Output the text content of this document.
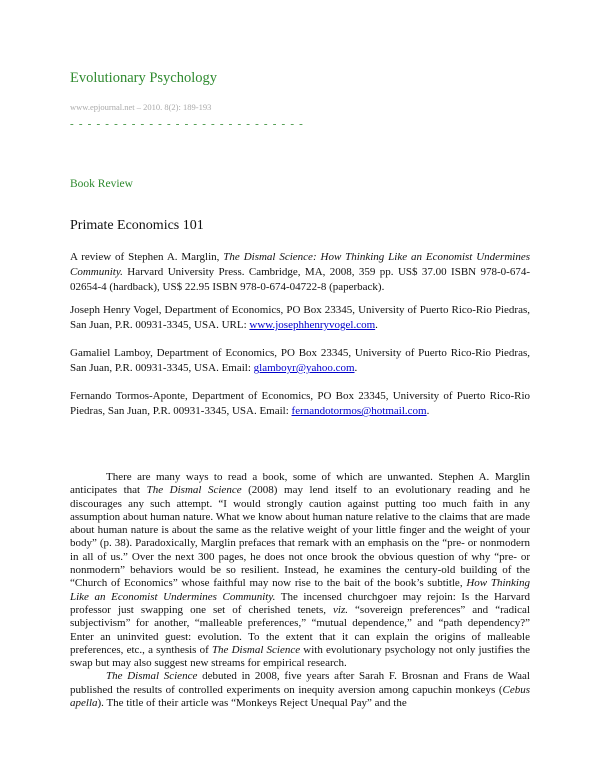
Evolutionary Psychology
www.epjournal.net – 2010. 8(2): 189-193
- - - - - - - - - - - - - - - - - - - - - - - - - - -
Book Review
Primate Economics 101
A review of Stephen A. Marglin, The Dismal Science: How Thinking Like an Economist Undermines Community. Harvard University Press. Cambridge, MA, 2008, 359 pp. US$ 37.00 ISBN 978-0-674-02654-4 (hardback), US$ 22.95 ISBN 978-0-674-04722-8 (paperback).
Joseph Henry Vogel, Department of Economics, PO Box 23345, University of Puerto Rico-Rio Piedras, San Juan, P.R. 00931-3345, USA. URL: www.josephhenryvogel.com.
Gamaliel Lamboy, Department of Economics, PO Box 23345, University of Puerto Rico-Rio Piedras, San Juan, P.R. 00931-3345, USA. Email: glamboyr@yahoo.com.
Fernando Tormos-Aponte, Department of Economics, PO Box 23345, University of Puerto Rico-Rio Piedras, San Juan, P.R. 00931-3345, USA. Email: fernandotormos@hotmail.com.

There are many ways to read a book, some of which are unwanted. Stephen A. Marglin anticipates that The Dismal Science (2008) may lend itself to an evolutionary reading and he discourages any such attempt. “I would strongly caution against putting too much faith in any assumption about human nature. What we know about human nature relative to the claims that are made about human nature is about the same as the relative weight of your little finger and the weight of your body” (p. 38). Paradoxically, Marglin prefaces that remark with an emphasis on the “pre- or nonmodern in all of us.” Over the next 300 pages, he does not once brook the obvious question of why “pre- or nonmodern” behaviors would be so resilient. Instead, he examines the century-old building of the “Church of Economics” whose faithful may now rise to the bait of the book’s subtitle, How Thinking Like an Economist Undermines Community. The incensed churchgoer may rejoin: Is the Harvard professor just swapping one set of cherished tenets, viz. “sovereign preferences” and “radical subjectivism” for another, “malleable preferences,” “mutual dependence,” and “path dependency?” Enter an uninvited guest: evolution. To the extent that it can explain the origins of malleable preferences, etc., a synthesis of The Dismal Science with evolutionary psychology not only justifies the swap but may also suggest new streams for empirical research.

The Dismal Science debuted in 2008, five years after Sarah F. Brosnan and Frans de Waal published the results of controlled experiments on inequity aversion among capuchin monkeys (Cebus apella). The title of their article was “Monkeys Reject Unequal Pay” and the
